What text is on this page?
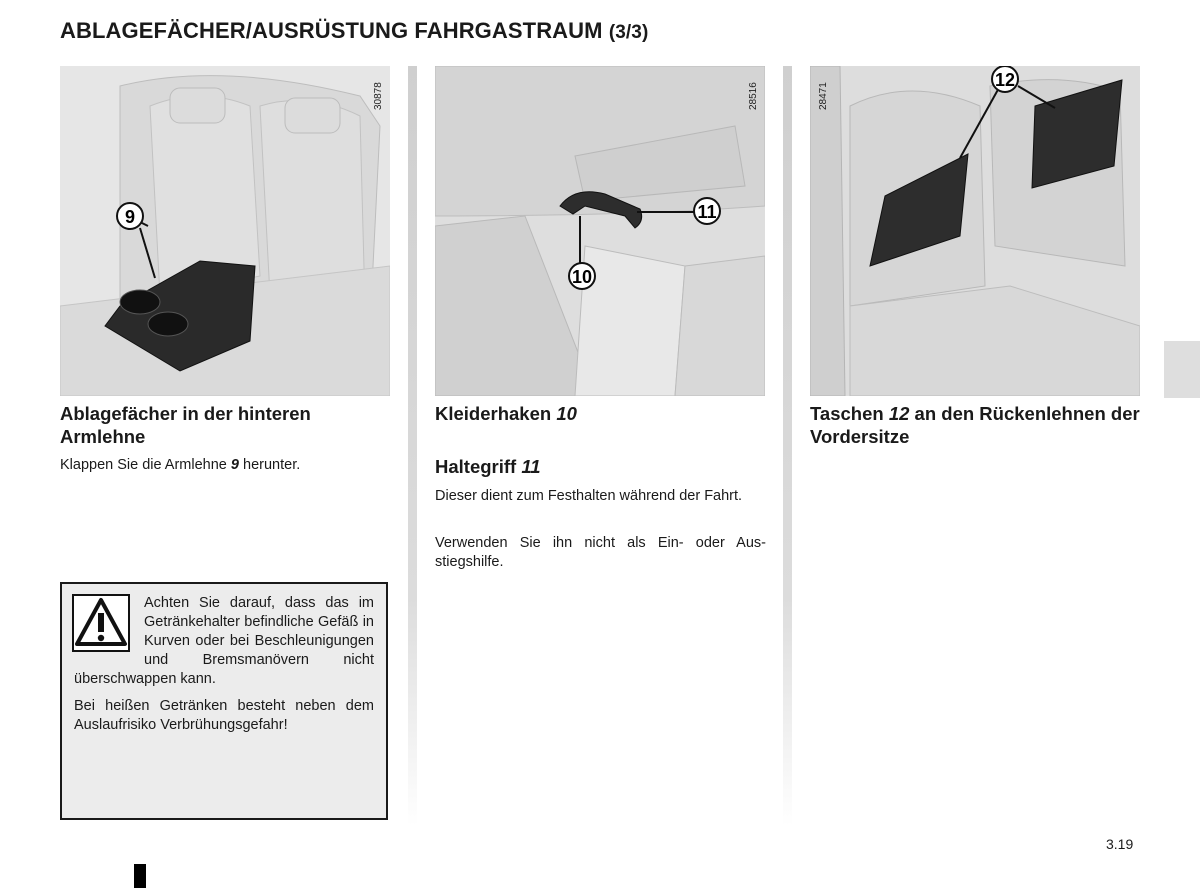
ABLAGEFÄCHER/AUSRÜSTUNG FAHRGASTRAUM (3/3)
9
30878
11
10
28516
12
28471
Ablagefächer in der hinteren Armlehne
Klappen Sie die Armlehne 9 herunter.
Achten Sie darauf, dass das im Getränkehalter befindliche Gefäß in Kurven oder bei Beschleunigungen und Bremsmanövern nicht überschwappen kann.
Bei heißen Getränken besteht neben dem Auslaufrisiko Verbrühungsgefahr!
Kleiderhaken 10
Haltegriff 11
Dieser dient zum Festhalten während der Fahrt.
Verwenden Sie ihn nicht als Ein- oder Ausstiegshilfe.
Taschen 12 an den Rückenlehnen der Vordersitze
3.19
